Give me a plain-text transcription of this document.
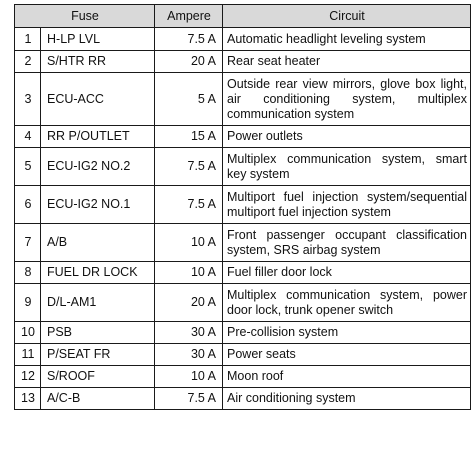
Fuse		Ampere	Circuit
1	H-LP LVL	7.5 A	Automatic headlight leveling system
2	S/HTR RR	20 A	Rear seat heater
3	ECU-ACC	5 A	Outside rear view mirrors, glove box light, air conditioning system, multiplex communication system
4	RR P/OUTLET	15 A	Power outlets
5	ECU-IG2 NO.2	7.5 A	Multiplex communication system, smart key system
6	ECU-IG2 NO.1	7.5 A	Multiport fuel injection system/sequential multiport fuel injection system
7	A/B	10 A	Front passenger occupant classification system, SRS airbag system
8	FUEL DR LOCK	10 A	Fuel filler door lock
9	D/L-AM1	20 A	Multiplex communication system, power door lock, trunk opener switch
10	PSB	30 A	Pre-collision system
11	P/SEAT FR	30 A	Power seats
12	S/ROOF	10 A	Moon roof
13	A/C-B	7.5 A	Air conditioning system
